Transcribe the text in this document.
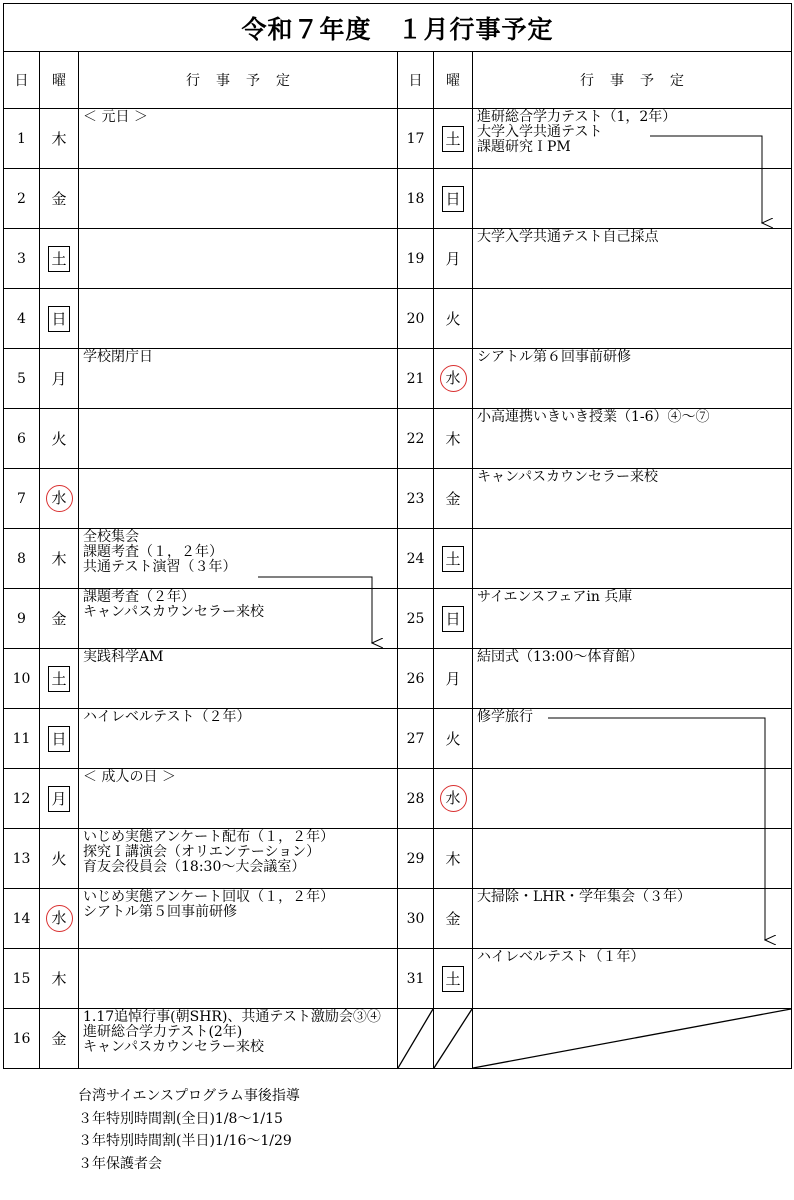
令和７年度　１月行事予定					
日	曜	行事予定	日	曜	行事予定
1	木	＜ 元日 ＞	17	土	進研総合学力テスト（1，2年）
大学入学共通テスト
課題研究ＩPM

2	金		18	日	
3	土		19	月	大学入学共通テスト自己採点

4	日		20	火	
5	月	学校閉庁日	21	水	シアトル第６回事前研修

6	火		22	木	小高連携いきいき授業（1-6）④～⑦

7	水		23	金	キャンパスカウンセラー来校

8	木	全校集会
課題考査（１，２年）
共通テスト演習（３年）	24	土	
9	金	課題考査（２年）
キャンパスカウンセラー来校	25	日	サイエンスフェアin 兵庫

10	土	実践科学AM	26	月	結団式（13:00～体育館）

11	日	ハイレベルテスト（２年）	27	火	修学旅行

12	月	＜ 成人の日 ＞	28	水	
13	火	いじめ実態アンケート配布（１，２年）
探究Ｉ講演会（オリエンテーション）
育友会役員会（18:30～大会議室）	29	木	
14	水	いじめ実態アンケート回収（１，２年）
シアトル第５回事前研修	30	金	大掃除・LHR・学年集会（３年）

15	木		31	土	ハイレベルテスト（１年）

16	金	1.17追悼行事(朝SHR)、共通テスト激励会③④
進研総合学力テスト(2年)
キャンパスカウンセラー来校

台湾サイエンスプログラム事後指導
３年特別時間割(全日)1/8～1/15
３年特別時間割(半日)1/16～1/29
３年保護者会
